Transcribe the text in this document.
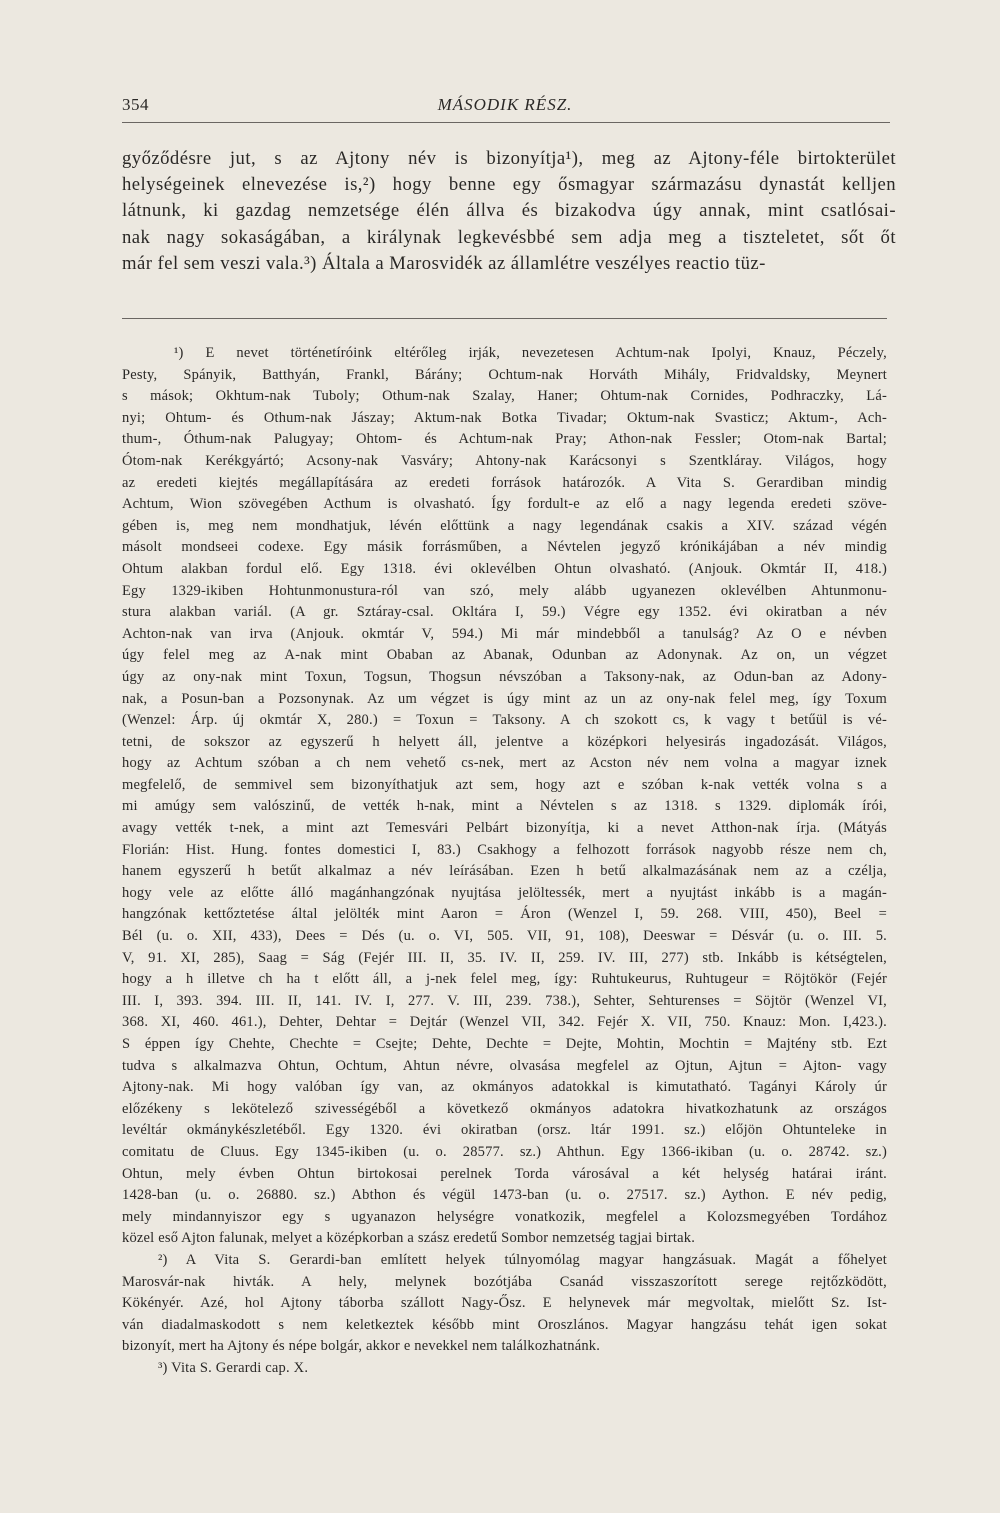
354	MÁSODIK RÉSZ.
győződésre jut, s az Ajtony név is bizonyítja¹), meg az Ajtony-féle birtokterület
helységeinek elnevezése is,²) hogy benne egy ősmagyar származásu dynastát kelljen
látnunk, ki gazdag nemzetsége élén állva és bizakodva úgy annak, mint csatlósai-
nak nagy sokaságában, a királynak legkevésbbé sem adja meg a tiszteletet, sőt őt
már fel sem veszi vala.³) Általa a Marosvidék az államlétre veszélyes reactio tüz-
¹) E nevet történetíróink eltérőleg irják, nevezetesen Achtum-nak Ipolyi, Knauz, Péczely,
Pesty, Spányik, Batthyán, Frankl, Bárány; Ochtum-nak Horváth Mihály, Fridvaldsky, Meynert
s mások; Okhtum-nak Tuboly; Othum-nak Szalay, Haner; Ohtum-nak Cornides, Podhraczky, Lá-
nyi; Ohtum- és Othum-nak Jászay; Aktum-nak Botka Tivadar; Oktum-nak Svasticz; Aktum-, Ach-
thum-, Óthum-nak Palugyay; Ohtom- és Achtum-nak Pray; Athon-nak Fessler; Otom-nak Bartal;
Ótom-nak Kerékgyártó; Acsony-nak Vasváry; Ahtony-nak Karácsonyi s Szentkláray. Világos, hogy
az eredeti kiejtés megállapítására az eredeti források határozók. A Vita S. Gerardiban mindig
Achtum, Wion szövegében Acthum is olvasható. Így fordult-e az elő a nagy legenda eredeti szöve-
gében is, meg nem mondhatjuk, lévén előttünk a nagy legendának csakis a XIV. század végén
másolt mondseei codexe. Egy másik forrásműben, a Névtelen jegyző krónikájában a név mindig
Ohtum alakban fordul elő. Egy 1318. évi oklevélben Ohtun olvasható. (Anjouk. Okmtár II, 418.)
Egy 1329-ikiben Hohtunmonustura-ról van szó, mely alább ugyanezen oklevélben Ahtunmonu-
stura alakban variál. (A gr. Sztáray-csal. Okltára I, 59.) Végre egy 1352. évi okiratban a név
Achton-nak van irva (Anjouk. okmtár V, 594.) Mi már mindebből a tanulság? Az O e névben
úgy felel meg az A-nak mint Obaban az Abanak, Odunban az Adonynak. Az on, un végzet
úgy az ony-nak mint Toxun, Togsun, Thogsun névszóban a Taksony-nak, az Odun-ban az Adony-
nak, a Posun-ban a Pozsonynak. Az um végzet is úgy mint az un az ony-nak felel meg, így Toxum
(Wenzel: Árp. új okmtár X, 280.) = Toxun = Taksony. A ch szokott cs, k vagy t betűül is vé-
tetni, de sokszor az egyszerű h helyett áll, jelentve a középkori helyesirás ingadozását. Világos,
hogy az Achtum szóban a ch nem vehető cs-nek, mert az Acston név nem volna a magyar iznek
megfelelő, de semmivel sem bizonyíthatjuk azt sem, hogy azt e szóban k-nak vették volna s a
mi amúgy sem valószinű, de vették h-nak, mint a Névtelen s az 1318. s 1329. diplomák írói,
avagy vették t-nek, a mint azt Temesvári Pelbárt bizonyítja, ki a nevet Atthon-nak írja. (Mátyás
Florián: Hist. Hung. fontes domestici I, 83.) Csakhogy a felhozott források nagyobb része nem ch,
hanem egyszerű h betűt alkalmaz a név leírásában. Ezen h betű alkalmazásának nem az a czélja,
hogy vele az előtte álló magánhangzónak nyujtása jelöltessék, mert a nyujtást inkább is a magán-
hangzónak kettőztetése által jelölték mint Aaron = Áron (Wenzel I, 59. 268. VIII, 450), Beel =
Bél (u. o. XII, 433), Dees = Dés (u. o. VI, 505. VII, 91, 108), Deeswar = Désvár (u. o. III. 5.
V, 91. XI, 285), Saag = Ság (Fejér III. II, 35. IV. II, 259. IV. III, 277) stb. Inkább is kétségtelen,
hogy a h illetve ch ha t előtt áll, a j-nek felel meg, így: Ruhtukeurus, Ruhtugeur = Röjtökör (Fejér
III. I, 393. 394. III. II, 141. IV. I, 277. V. III, 239. 738.), Sehter, Sehturenses = Söjtör (Wenzel VI,
368. XI, 460. 461.), Dehter, Dehtar = Dejtár (Wenzel VII, 342. Fejér X. VII, 750. Knauz: Mon. I,423.).
S éppen így Chehte, Chechte = Csejte; Dehte, Dechte = Dejte, Mohtin, Mochtin = Majtény stb. Ezt
tudva s alkalmazva Ohtun, Ochtum, Ahtun névre, olvasása megfelel az Ojtun, Ajtun = Ajton- vagy
Ajtony-nak. Mi hogy valóban így van, az okmányos adatokkal is kimutatható. Tagányi Károly úr
előzékeny s lekötelező szivességéből a következő okmányos adatokra hivatkozhatunk az országos
levéltár okmánykészletéből. Egy 1320. évi okiratban (orsz. ltár 1991. sz.) előjön Ohtunteleke in
comitatu de Cluus. Egy 1345-ikiben (u. o. 28577. sz.) Ahthun. Egy 1366-ikiban (u. o. 28742. sz.)
Ohtun, mely évben Ohtun birtokosai perelnek Torda városával a két helység határai iránt.
1428-ban (u. o. 26880. sz.) Abthon és végül 1473-ban (u. o. 27517. sz.) Aython. E név pedig,
mely mindannyiszor egy s ugyanazon helységre vonatkozik, megfelel a Kolozsmegyében Tordához
közel eső Ajton falunak, melyet a középkorban a szász eredetű Sombor nemzetség tagjai birtak.
²) A Vita S. Gerardi-ban említett helyek túlnyomólag magyar hangzásuak. Magát a főhelyet
Marosvár-nak hivták. A hely, melynek bozótjába Csanád visszaszorított serege rejtőzködött,
Kökényér. Azé, hol Ajtony táborba szállott Nagy-Ősz. E helynevek már megvoltak, mielőtt Sz. Ist-
ván diadalmaskodott s nem keletkeztek később mint Oroszlános. Magyar hangzásu tehát igen sokat
bizonyít, mert ha Ajtony és népe bolgár, akkor e nevekkel nem találkozhatnánk.
³) Vita S. Gerardi cap. X.
